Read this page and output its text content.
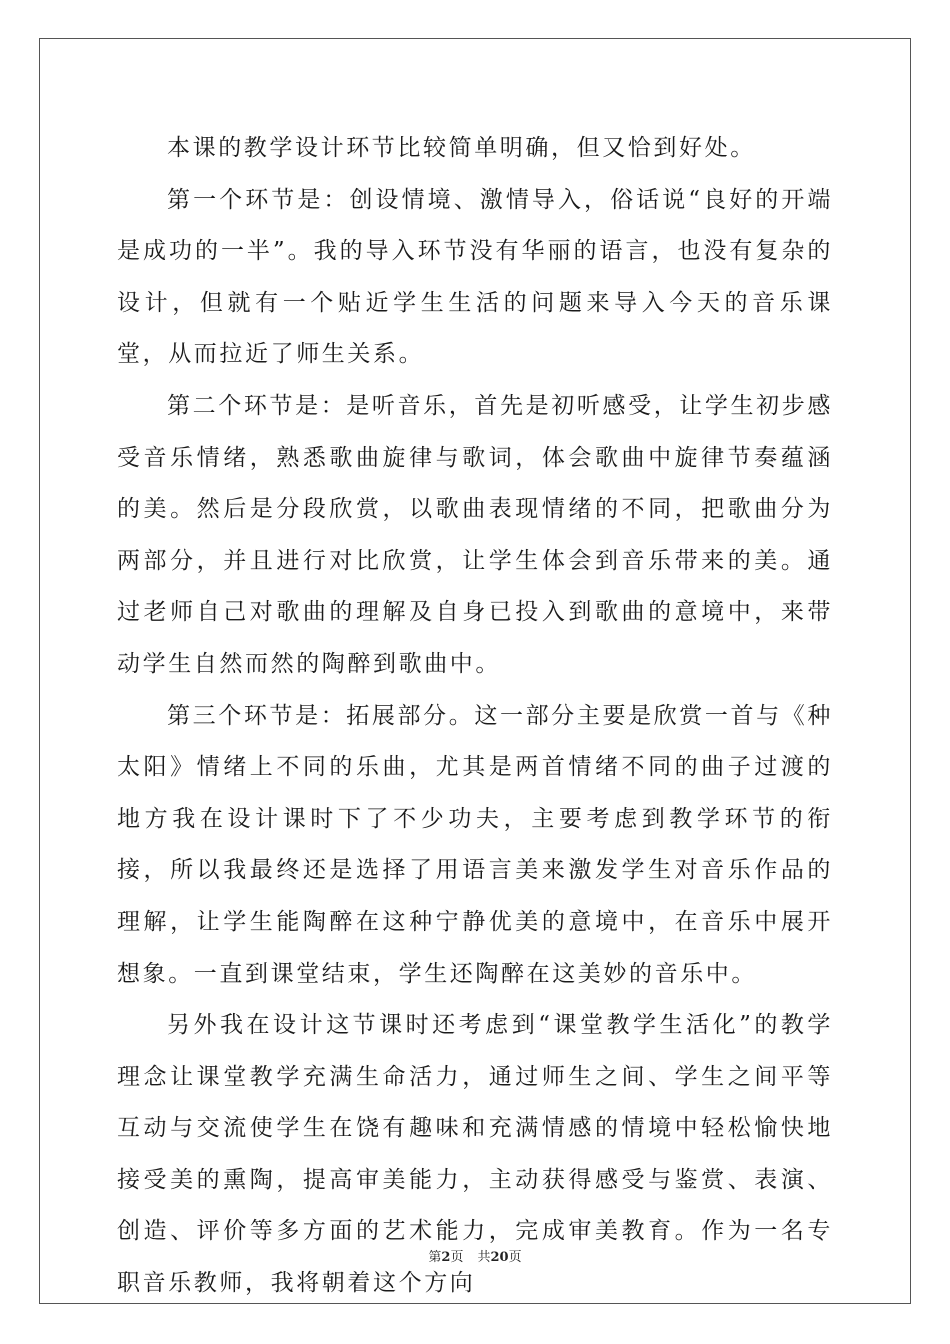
本课的教学设计环节比较简单明确，但又恰到好处。

第一个环节是：创设情境、激情导入，俗话说“良好的开端是成功的一半”。我的导入环节没有华丽的语言，也没有复杂的设计，但就有一个贴近学生生活的问题来导入今天的音乐课堂，从而拉近了师生关系。

第二个环节是：是听音乐，首先是初听感受，让学生初步感受音乐情绪，熟悉歌曲旋律与歌词，体会歌曲中旋律节奏蕴涵的美。然后是分段欣赏，以歌曲表现情绪的不同，把歌曲分为两部分，并且进行对比欣赏，让学生体会到音乐带来的美。通过老师自己对歌曲的理解及自身已投入到歌曲的意境中，来带动学生自然而然的陶醉到歌曲中。

第三个环节是：拓展部分。这一部分主要是欣赏一首与《种太阳》情绪上不同的乐曲，尤其是两首情绪不同的曲子过渡的地方我在设计课时下了不少功夫，主要考虑到教学环节的衔接，所以我最终还是选择了用语言美来激发学生对音乐作品的理解，让学生能陶醉在这种宁静优美的意境中，在音乐中展开想象。一直到课堂结束，学生还陶醉在这美妙的音乐中。

另外我在设计这节课时还考虑到“课堂教学生活化”的教学理念让课堂教学充满生命活力，通过师生之间、学生之间平等互动与交流使学生在饶有趣味和充满情感的情境中轻松愉快地接受美的熏陶，提高审美能力，主动获得感受与鉴赏、表演、创造、评价等多方面的艺术能力，完成审美教育。作为一名专职音乐教师，我将朝着这个方向

第2页 共20页
